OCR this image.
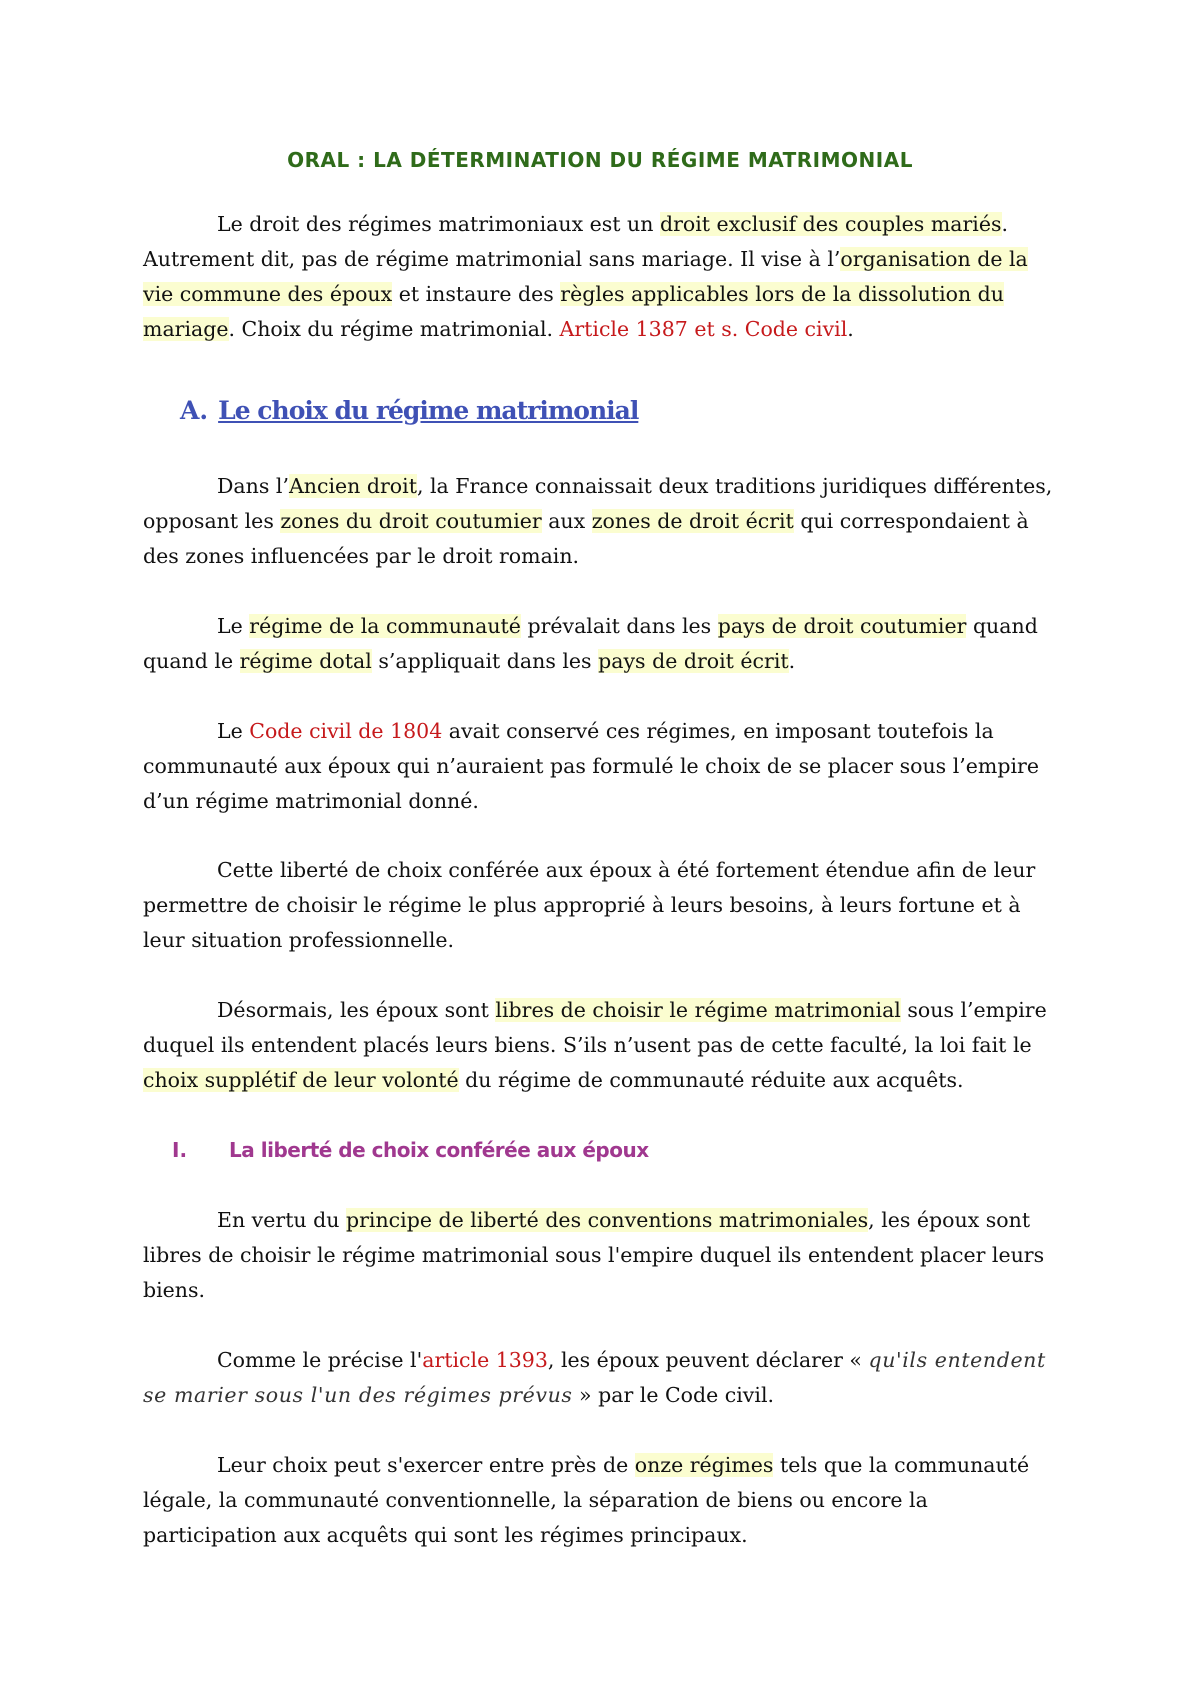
ORAL : LA DÉTERMINATION DU RÉGIME MATRIMONIAL

Le droit des régimes matrimoniaux est un droit exclusif des couples mariés. Autrement dit, pas de régime matrimonial sans mariage. Il vise à l’organisation de la vie commune des époux et instaure des règles applicables lors de la dissolution du mariage. Choix du régime matrimonial. Article 1387 et s. Code civil.

A. Le choix du régime matrimonial

Dans l’Ancien droit, la France connaissait deux traditions juridiques différentes, opposant les zones du droit coutumier aux zones de droit écrit qui correspondaient à des zones influencées par le droit romain.

Le régime de la communauté prévalait dans les pays de droit coutumier quand quand le régime dotal s’appliquait dans les pays de droit écrit.

Le Code civil de 1804 avait conservé ces régimes, en imposant toutefois la communauté aux époux qui n’auraient pas formulé le choix de se placer sous l’empire d’un régime matrimonial donné.

Cette liberté de choix conférée aux époux à été fortement étendue afin de leur permettre de choisir le régime le plus approprié à leurs besoins, à leurs fortune et à leur situation professionnelle.

Désormais, les époux sont libres de choisir le régime matrimonial sous l’empire duquel ils entendent placés leurs biens. S’ils n’usent pas de cette faculté, la loi fait le choix supplétif de leur volonté du régime de communauté réduite aux acquêts.

I. La liberté de choix conférée aux époux

En vertu du principe de liberté des conventions matrimoniales, les époux sont libres de choisir le régime matrimonial sous l'empire duquel ils entendent placer leurs biens.

Comme le précise l'article 1393, les époux peuvent déclarer « qu'ils entendent se marier sous l'un des régimes prévus » par le Code civil.

Leur choix peut s'exercer entre près de onze régimes tels que la communauté légale, la communauté conventionnelle, la séparation de biens ou encore la participation aux acquêts qui sont les régimes principaux.
